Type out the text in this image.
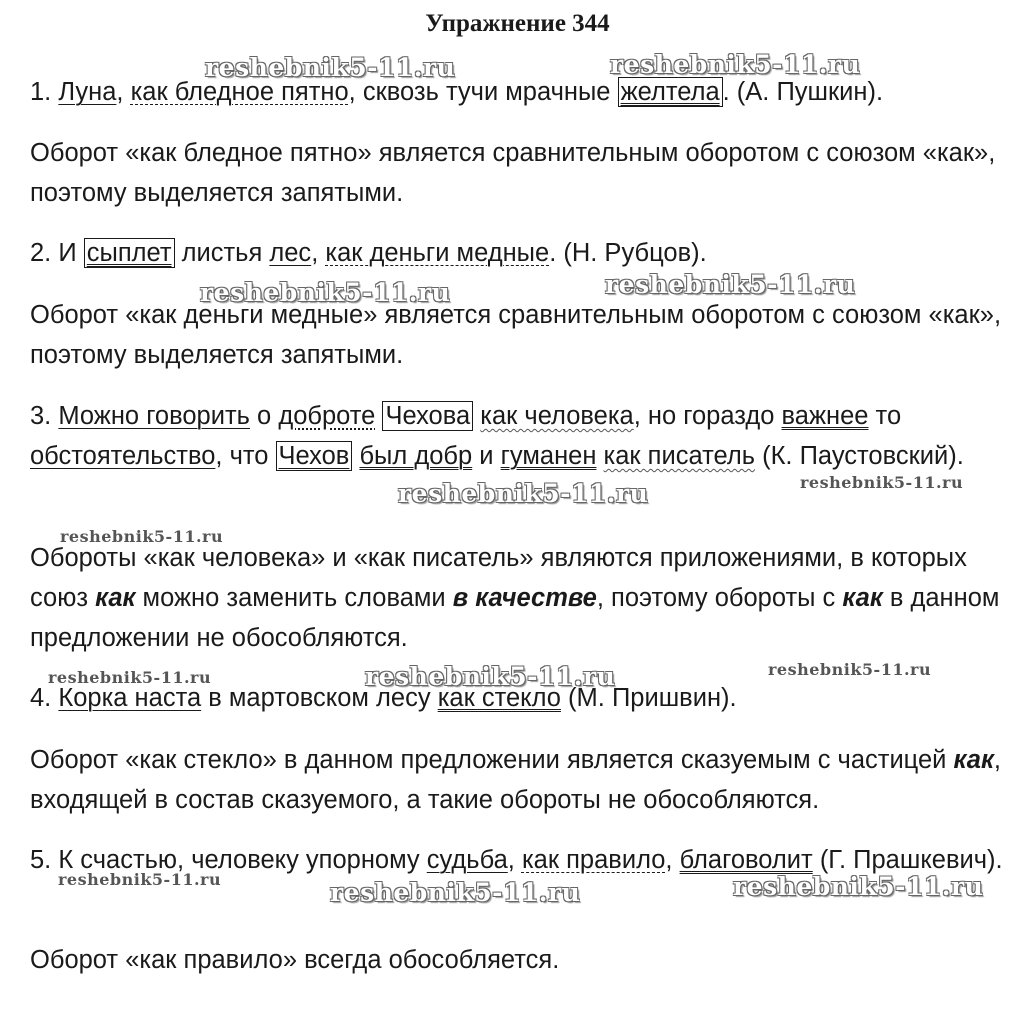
Упражнение 344

1. Луна, как бледное пятно, сквозь тучи мрачные желтела . (А. Пушкин).

Оборот «как бледное пятно» является сравнительным оборотом с союзом «как», поэтому выделяется запятыми.

2. И сыплет листья лес, как деньги медные. (Н. Рубцов).

Оборот «как деньги медные» является сравнительным оборотом с союзом «как», поэтому выделяется запятыми.

3. Можно говорить о доброте Чехова как человека, но гораздо важнее то обстоятельство, что Чехов был добр и гуманен как писатель (К. Паустовский).

Обороты «как человека» и «как писатель» являются приложениями, в которых союз как можно заменить словами в качестве, поэтому обороты с как в данном предложении не обособляются.

4. Корка наста в мартовском лесу как стекло (М. Пришвин).

Оборот «как стекло» в данном предложении является сказуемым с частицей как, входящей в состав сказуемого, а такие обороты не обособляются.

5. К счастью, человеку упорному судьба, как правило, благоволит (Г. Прашкевич).

Оборот «как правило» всегда обособляется.

reshebnik5-11.ru	reshebnik5-11.ru
reshebnik5-11.ru	reshebnik5-11.ru
reshebnik5-11.ru	reshebnik5-11.ru
reshebnik5-11.ru
reshebnik5-11.ru	reshebnik5-11.ru	reshebnik5-11.ru
reshebnik5-11.ru	reshebnik5-11.ru	reshebnik5-11.ru
